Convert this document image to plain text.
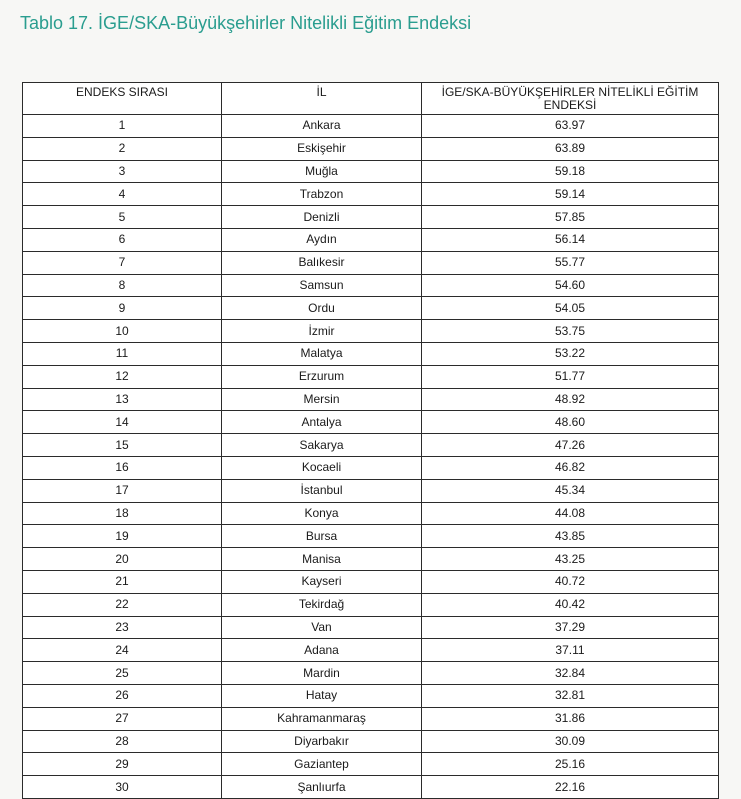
Tablo 17. İGE/SKA-Büyükşehirler Nitelikli Eğitim Endeksi
ENDEKS SIRASI	İL	İGE/SKA-BÜYÜKŞEHİRLER NİTELİKLİ EĞİTİM ENDEKSİ
1	Ankara	63.97
2	Eskişehir	63.89
3	Muğla	59.18
4	Trabzon	59.14
5	Denizli	57.85
6	Aydın	56.14
7	Balıkesir	55.77
8	Samsun	54.60
9	Ordu	54.05
10	İzmir	53.75
11	Malatya	53.22
12	Erzurum	51.77
13	Mersin	48.92
14	Antalya	48.60
15	Sakarya	47.26
16	Kocaeli	46.82
17	İstanbul	45.34
18	Konya	44.08
19	Bursa	43.85
20	Manisa	43.25
21	Kayseri	40.72
22	Tekirdağ	40.42
23	Van	37.29
24	Adana	37.11
25	Mardin	32.84
26	Hatay	32.81
27	Kahramanmaraş	31.86
28	Diyarbakır	30.09
29	Gaziantep	25.16
30	Şanlıurfa	22.16
